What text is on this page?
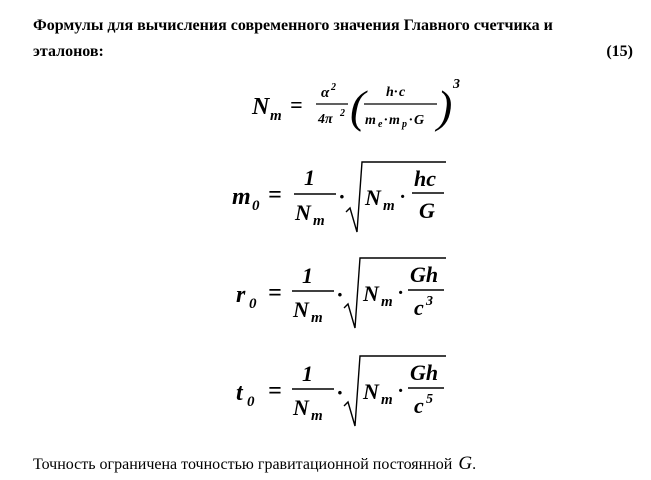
Формулы для вычисления современного значения Главного счетчика и
эталонов:	(15)
N m = α 2
4π 2 ( h · c
m e · m p · G ) 3
m 0 =
1
N m
· N m ·
hc
G
r 0 =
1
N m
· N m ·
Gh
c 3
t 0 =
1
N m
· N m ·
Gh
c 5
Точность ограничена точностью гравитационной постоянной G.
